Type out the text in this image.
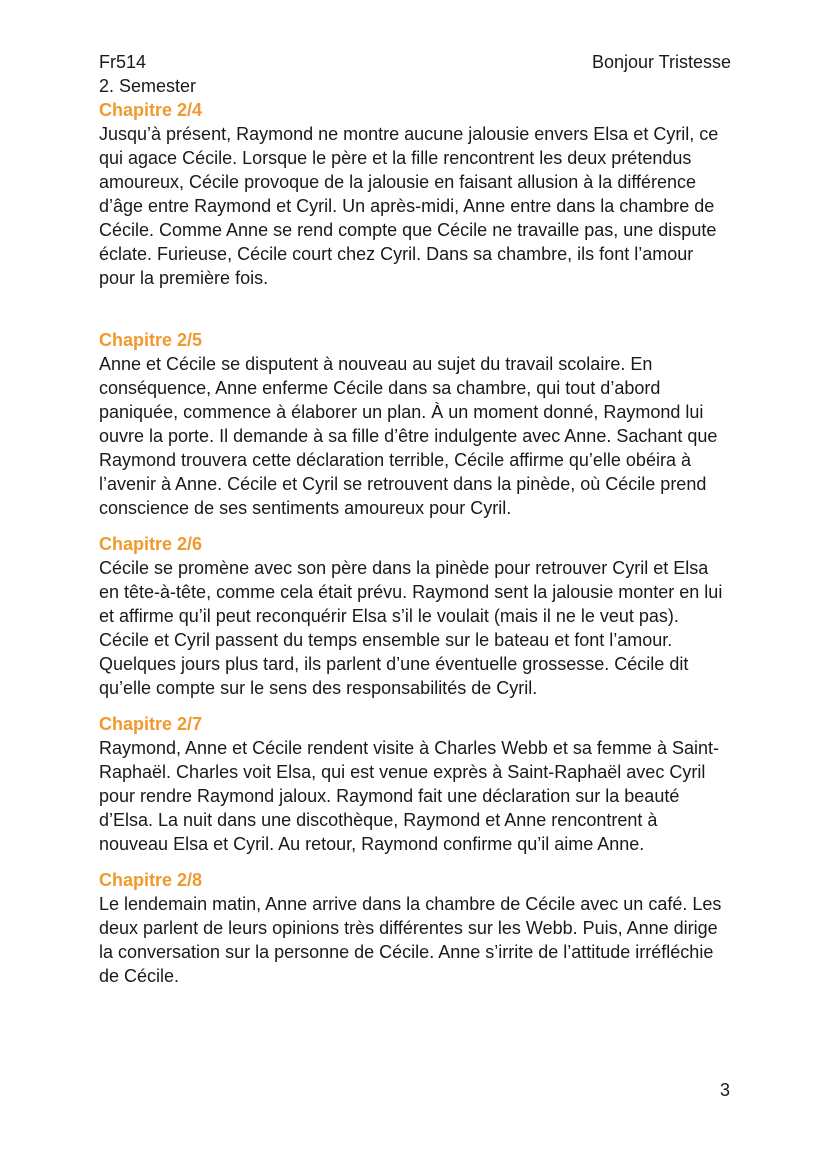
Fr514	Bonjour Tristesse
2. Semester
Chapitre 2/4

Jusqu’à présent, Raymond ne montre aucune jalousie envers Elsa et Cyril, ce qui agace Cécile. Lorsque le père et la fille rencontrent les deux prétendus amoureux, Cécile provoque de la jalousie en faisant allusion à la différence d’âge entre Raymond et Cyril. Un après-midi, Anne entre dans la chambre de Cécile. Comme Anne se rend compte que Cécile ne travaille pas, une dispute éclate. Furieuse, Cécile court chez Cyril. Dans sa chambre, ils font l’amour pour la première fois.

Chapitre 2/5

Anne et Cécile se disputent à nouveau au sujet du travail scolaire. En conséquence, Anne enferme Cécile dans sa chambre, qui tout d’abord paniquée, commence à élaborer un plan. À un moment donné, Raymond lui ouvre la porte. Il demande à sa fille d’être indulgente avec Anne. Sachant que Raymond trouvera cette déclaration terrible, Cécile affirme qu’elle obéira à l’avenir à Anne. Cécile et Cyril se retrouvent dans la pinède, où Cécile prend conscience de ses sentiments amoureux pour Cyril.

Chapitre 2/6

Cécile se promène avec son père dans la pinède pour retrouver Cyril et Elsa en tête-à-tête, comme cela était prévu. Raymond sent la jalousie monter en lui et affirme qu’il peut reconquérir Elsa s’il le voulait (mais il ne le veut pas). Cécile et Cyril passent du temps ensemble sur le bateau et font l’amour. Quelques jours plus tard, ils parlent d’une éventuelle grossesse. Cécile dit qu’elle compte sur le sens des responsabilités de Cyril.

Chapitre 2/7

Raymond, Anne et Cécile rendent visite à Charles Webb et sa femme à Saint-Raphaël. Charles voit Elsa, qui est venue exprès à Saint-Raphaël avec Cyril pour rendre Raymond jaloux. Raymond fait une déclaration sur la beauté d’Elsa. La nuit dans une discothèque, Raymond et Anne rencontrent à nouveau Elsa et Cyril. Au retour, Raymond confirme qu’il aime Anne.

Chapitre 2/8

Le lendemain matin, Anne arrive dans la chambre de Cécile avec un café. Les deux parlent de leurs opinions très différentes sur les Webb. Puis, Anne dirige la conversation sur la personne de Cécile. Anne s’irrite de l’attitude irréfléchie de Cécile.

3
